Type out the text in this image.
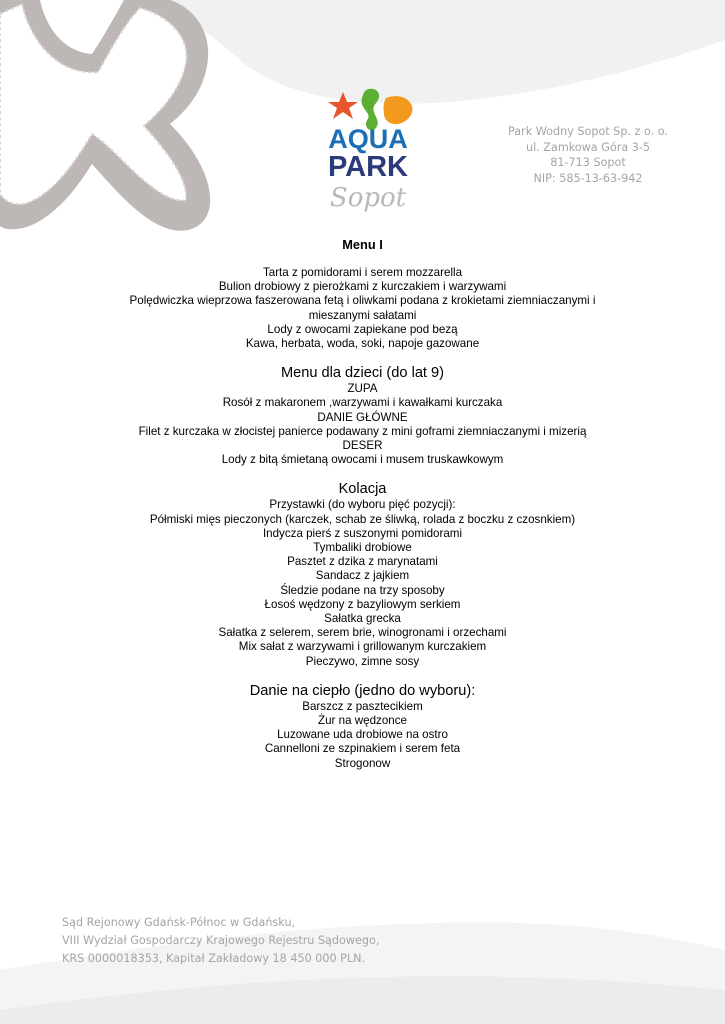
AQUA
PARK
Sopot
Park Wodny Sopot Sp. z o. o.
ul. Zamkowa Góra 3-5
81-713 Sopot
NIP: 585-13-63-942
Menu I
Tarta z pomidorami i serem mozzarella
Bulion drobiowy z pierożkami z kurczakiem i warzywami
Polędwiczka wieprzowa faszerowana fetą i oliwkami podana z krokietami ziemniaczanymi i mieszanymi sałatami
Lody z owocami zapiekane pod bezą
Kawa, herbata, woda, soki, napoje gazowane
Menu dla dzieci (do lat 9)
ZUPA
Rosół z makaronem ,warzywami i kawałkami kurczaka
DANIE GŁÓWNE
Filet z kurczaka w złocistej panierce podawany z mini goframi ziemniaczanymi i mizerią
DESER
Lody z bitą śmietaną owocami i musem truskawkowym
Kolacja
Przystawki (do wyboru pięć pozycji):
Półmiski mięs pieczonych (karczek, schab ze śliwką, rolada z boczku z czosnkiem)
Indycza pierś z suszonymi pomidorami
Tymbaliki drobiowe
Pasztet z dzika z marynatami
Sandacz z jajkiem
Śledzie podane na trzy sposoby
Łosoś wędzony z bazyliowym serkiem
Sałatka grecka
Sałatka z selerem, serem brie, winogronami i orzechami
Mix sałat z warzywami i grillowanym kurczakiem
Pieczywo, zimne sosy
Danie na ciepło (jedno do wyboru):
Barszcz z pasztecikiem
Żur na wędzonce
Luzowane uda drobiowe na ostro
Cannelloni ze szpinakiem i serem feta
Strogonow
Sąd Rejonowy Gdańsk-Północ w Gdańsku,
VIII Wydział Gospodarczy Krajowego Rejestru Sądowego,
KRS 0000018353, Kapitał Zakładowy 18 450 000 PLN.
